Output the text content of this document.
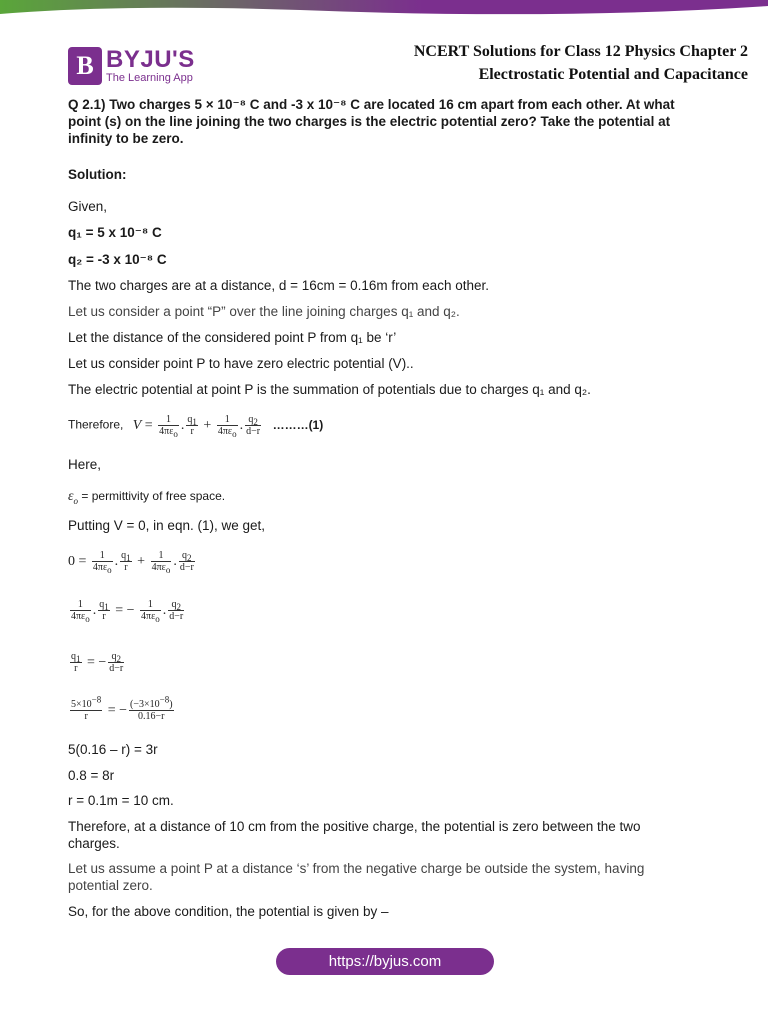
B BYJU'S
The Learning App
NCERT Solutions for Class 12 Physics Chapter 2
Electrostatic Potential and Capacitance

Q 2.1) Two charges 5 × 10⁻⁸ C and -3 x 10⁻⁸ C are located 16 cm apart from each other. At what point (s) on the line joining the two charges is the electric potential zero? Take the potential at infinity to be zero.

Solution:
Given,
q₁ = 5 x 10⁻⁸ C
q₂ = -3 x 10⁻⁸ C
The two charges are at a distance, d = 16cm = 0.16m from each other.
Let us consider a point “P” over the line joining charges q₁ and q₂.
Let the distance of the considered point P from q₁ be ‘r’
Let us consider point P to have zero electric potential (V)..
The electric potential at point P is the summation of potentials due to charges q₁ and q₂.
Therefore, $V = \frac{1}{4\pi\varepsilon_o}$ . $\frac{q_1}{r} + \frac{1}{4\pi\varepsilon_o}$ . $\frac{q_2}{d-r}$ ………(1)
Here,
$\varepsilon_o$ = permittivity of free space.
Putting V = 0, in eqn. (1), we get,
$0 = \frac{1}{4\pi\varepsilon_o}$ . $\frac{q_1}{r} + \frac{1}{4\pi\varepsilon_o}$ . $\frac{q_2}{d-r}$
$\frac{1}{4\pi\varepsilon_o}$ . $\frac{q_1}{r}$ = − $\frac{1}{4\pi\varepsilon_o}$ . $\frac{q_2}{d-r}$
$\frac{q_1}{r}$ = − $\frac{q_2}{d-r}$
$\frac{5\times 10^{-8}}{r}$ = − $\frac{(-3\times 10^{-8})}{0.16-r}$
5(0.16 – r) = 3r
0.8 = 8r
r = 0.1m = 10 cm.
Therefore, at a distance of 10 cm from the positive charge, the potential is zero between the two charges.
Let us assume a point P at a distance ‘s’ from the negative charge be outside the system, having potential zero.
So, for the above condition, the potential is given by –
https://byjus.com
